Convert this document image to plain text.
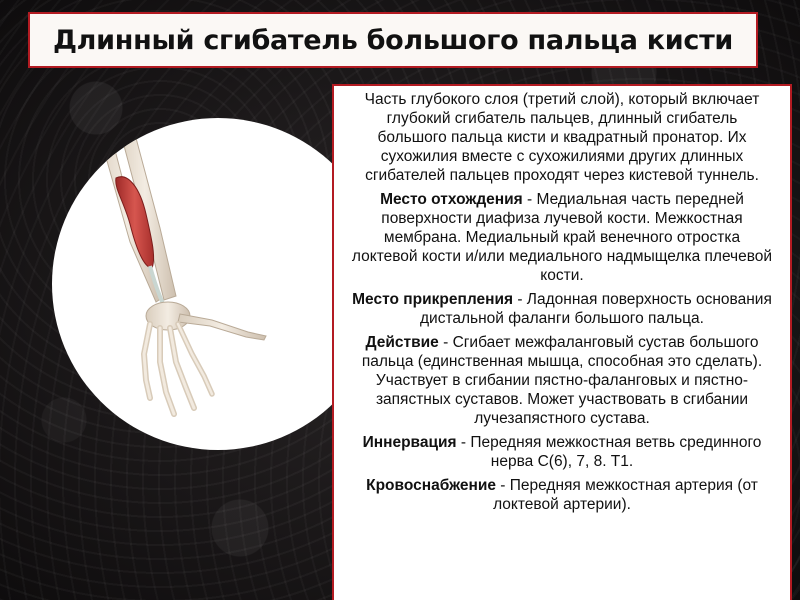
Длинный сгибатель большого пальца кисти

Часть глубокого слоя (третий слой), который включает глубокий сгибатель пальцев, длинный сгибатель большого пальца кисти и квадратный пронатор. Их сухожилия вместе с сухожилиями других длинных сгибателей пальцев проходят через кистевой туннель.

Место отхождения - Медиальная часть передней поверхности диафиза лучевой кости. Межкостная мембрана. Медиальный край венечного отростка локтевой кости и/или медиального надмыщелка плечевой кости.

Место прикрепления - Ладонная поверхность основания дистальной фаланги большого пальца.

Действие - Сгибает межфаланговый сустав большого пальца (единственная мышца, способная это сделать). Участвует в сгибании пястно-фаланговых и пястно-запястных суставов. Может участвовать в сгибании лучезапястного сустава.

Иннервация - Передняя межкостная ветвь срединного нерва С(6), 7, 8. Т1.

Кровоснабжение - Передняя межкостная артерия (от локтевой артерии).
